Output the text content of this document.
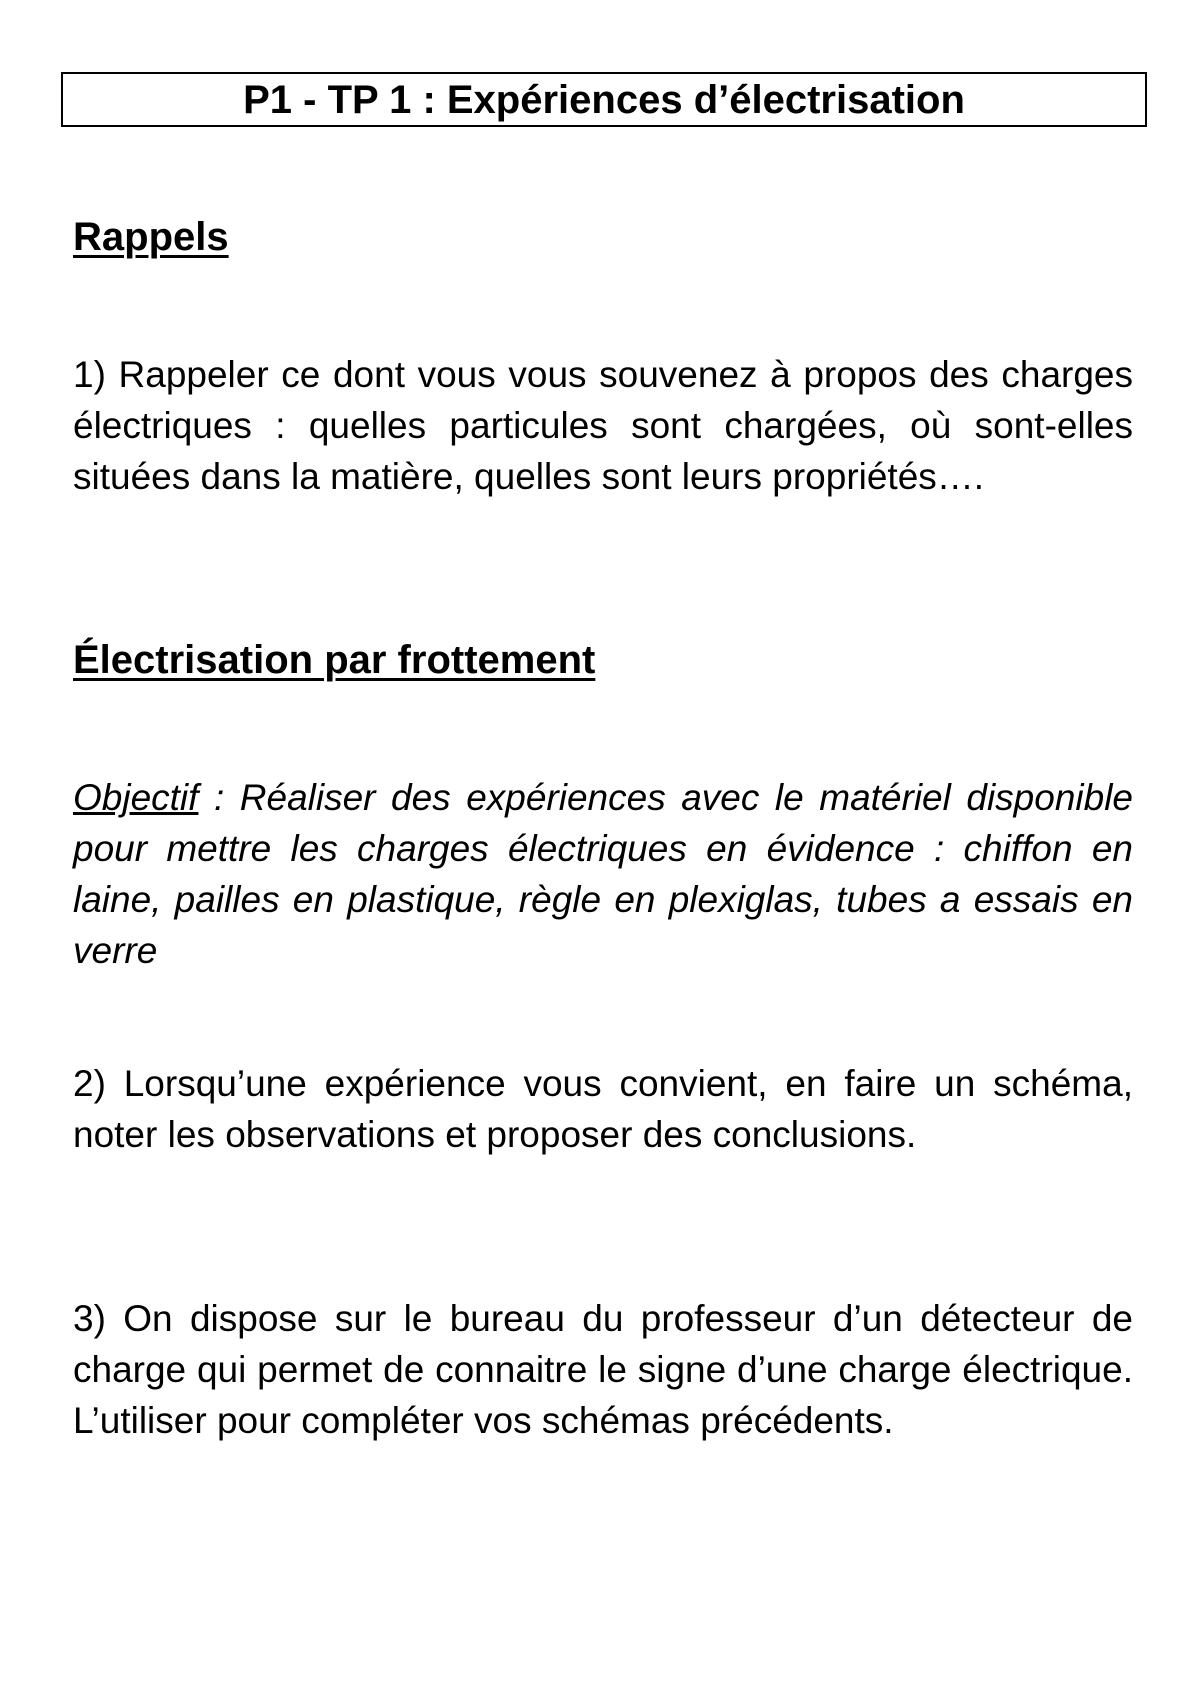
P1 - TP 1 : Expériences d’électrisation
Rappels

1) Rappeler ce dont vous vous souvenez à propos des charges électriques : quelles particules sont chargées, où sont-elles situées dans la matière, quelles sont leurs propriétés….

Électrisation par frottement

Objectif : Réaliser des expériences avec le matériel disponible pour mettre les charges électriques en évidence : chiffon en laine, pailles en plastique, règle en plexiglas, tubes a essais en verre

2) Lorsqu’une expérience vous convient, en faire un schéma, noter les observations et proposer des conclusions.

3) On dispose sur le bureau du professeur d’un détecteur de charge qui permet de connaitre le signe d’une charge électrique. L’utiliser pour compléter vos schémas précédents.
